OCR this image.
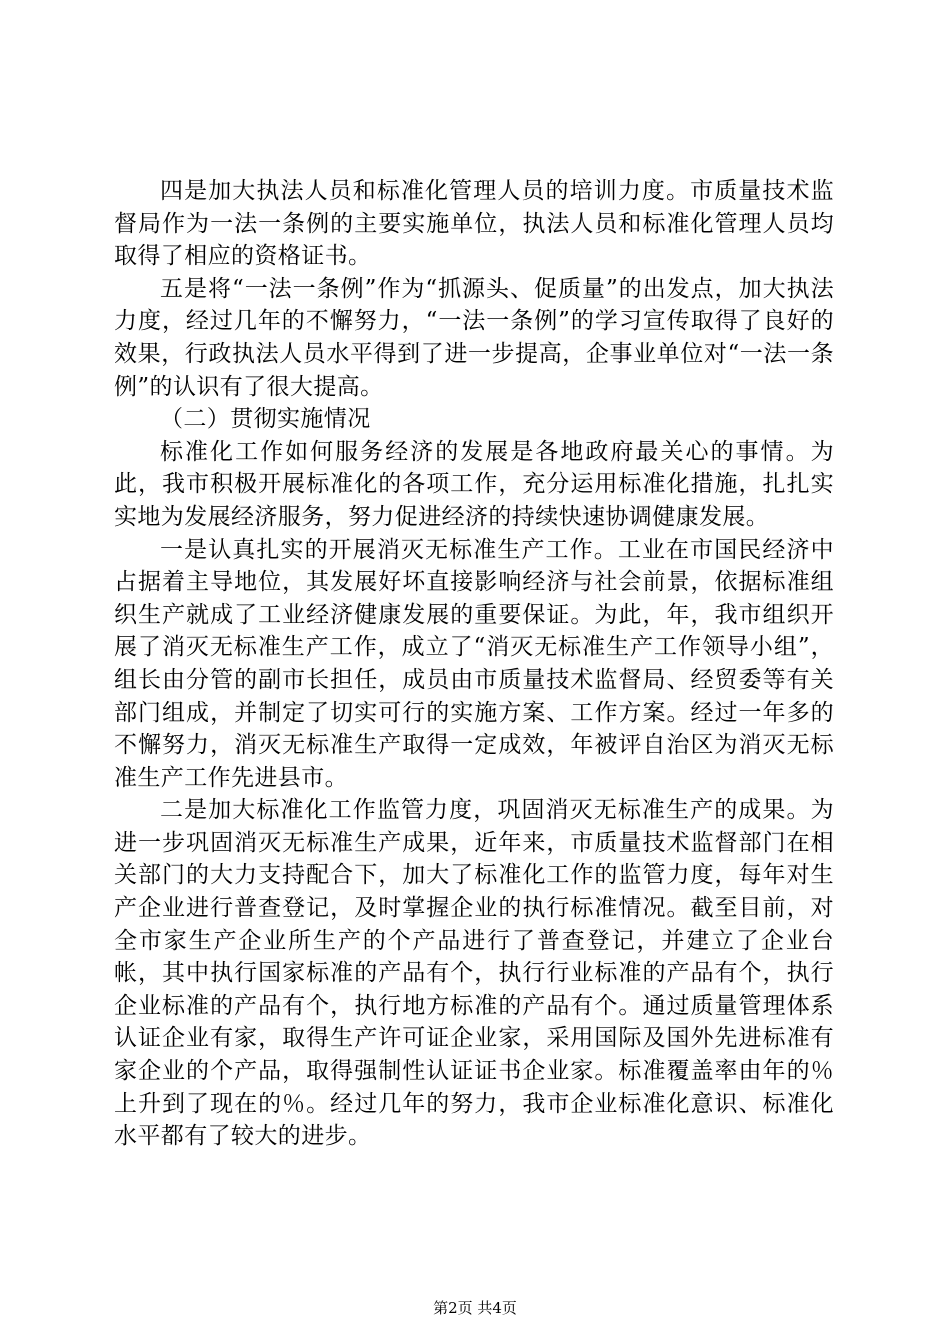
四是加大执法人员和标准化管理人员的培训力度。市质量技术监督局作为一法一条例的主要实施单位，执法人员和标准化管理人员均取得了相应的资格证书。

五是将“一法一条例”作为“抓源头、促质量”的出发点，加大执法力度，经过几年的不懈努力，“一法一条例”的学习宣传取得了良好的效果，行政执法人员水平得到了进一步提高，企事业单位对“一法一条例”的认识有了很大提高。

（二）贯彻实施情况

标准化工作如何服务经济的发展是各地政府最关心的事情。为此，我市积极开展标准化的各项工作，充分运用标准化措施，扎扎实实地为发展经济服务，努力促进经济的持续快速协调健康发展。

一是认真扎实的开展消灭无标准生产工作。工业在市国民经济中占据着主导地位，其发展好坏直接影响经济与社会前景，依据标准组织生产就成了工业经济健康发展的重要保证。为此，年，我市组织开展了消灭无标准生产工作，成立了“消灭无标准生产工作领导小组”，组长由分管的副市长担任，成员由市质量技术监督局、经贸委等有关部门组成，并制定了切实可行的实施方案、工作方案。经过一年多的不懈努力，消灭无标准生产取得一定成效，年被评自治区为消灭无标准生产工作先进县市。

二是加大标准化工作监管力度，巩固消灭无标准生产的成果。为进一步巩固消灭无标准生产成果，近年来，市质量技术监督部门在相关部门的大力支持配合下，加大了标准化工作的监管力度，每年对生产企业进行普查登记，及时掌握企业的执行标准情况。截至目前，对全市家生产企业所生产的个产品进行了普查登记，并建立了企业台帐，其中执行国家标准的产品有个，执行行业标准的产品有个，执行企业标准的产品有个，执行地方标准的产品有个。通过质量管理体系认证企业有家，取得生产许可证企业家，采用国际及国外先进标准有家企业的个产品，取得强制性认证证书企业家。标准覆盖率由年的％上升到了现在的％。经过几年的努力，我市企业标准化意识、标准化水平都有了较大的进步。

第2页 共4页
